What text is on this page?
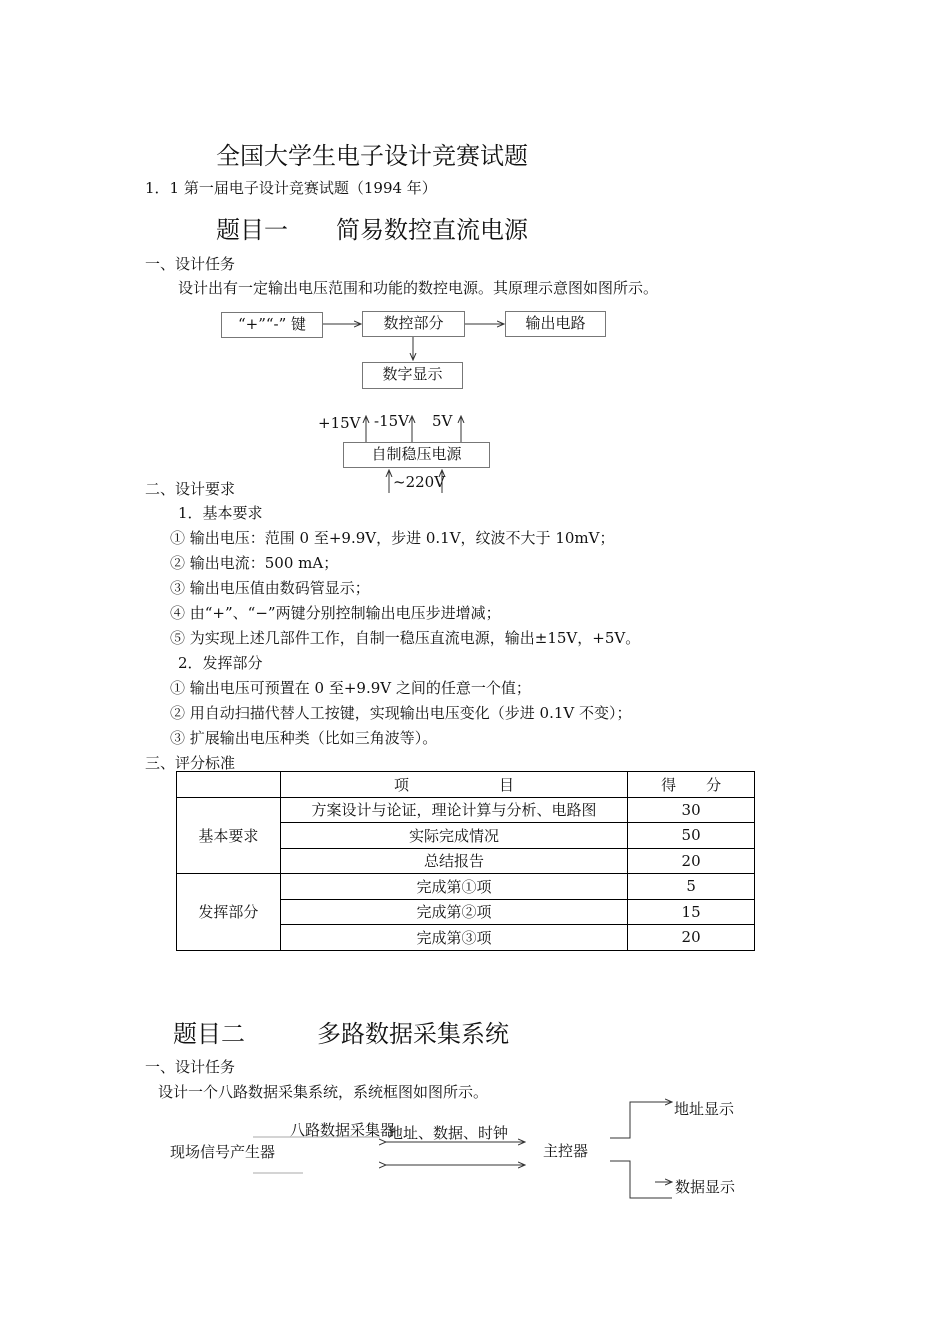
全国大学生电子设计竞赛试题
1．1 第一届电子设计竞赛试题（1994 年）
题目一　　简易数控直流电源
一、设计任务
设计出有一定输出电压范围和功能的数控电源。其原理示意图如图所示。
“+”“-” 键	数控部分	输出电路
数字显示
+15V -15V 5V
自制稳压电源
~220V
二、设计要求
1．基本要求
① 输出电压：范围 0 至+9.9V，步进 0.1V，纹波不大于 10mV；
② 输出电流：500 mA；
③ 输出电压值由数码管显示；
④ 由“+”、“−”两键分别控制输出电压步进增减；
⑤ 为实现上述几部件工作，自制一稳压直流电源，输出±15V，+5V。
2．发挥部分
① 输出电压可预置在 0 至+9.9V 之间的任意一个值；
② 用自动扫描代替人工按键，实现输出电压变化（步进 0.1V 不变）；
③ 扩展输出电压种类（比如三角波等）。
三、评分标准
	项　　　　　　目	得　　分
基本要求	方案设计与论证，理论计算与分析、电路图	30
	实际完成情况	50
	总结报告	20
发挥部分	完成第①项	5
	完成第②项	15
	完成第③项	20
题目二　　　多路数据采集系统
一、设计任务
设计一个八路数据采集系统，系统框图如图所示。
八路数据采集器
现场信号产生器
地址、数据、时钟
主控器
地址显示
数据显示
